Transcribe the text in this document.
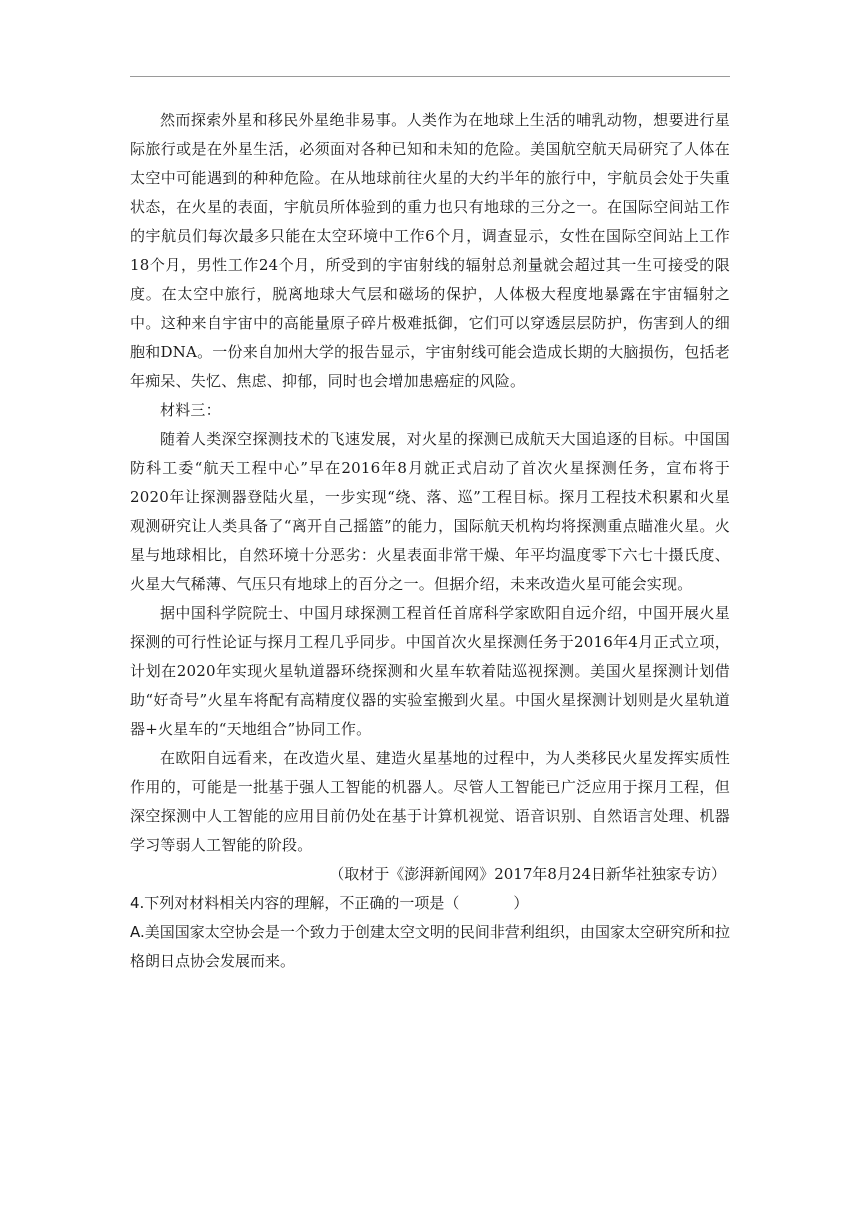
然而探索外星和移民外星绝非易事。人类作为在地球上生活的哺乳动物，想要进行星际旅行或是在外星生活，必须面对各种已知和未知的危险。美国航空航天局研究了人体在太空中可能遇到的种种危险。在从地球前往火星的大约半年的旅行中，宇航员会处于失重状态，在火星的表面，宇航员所体验到的重力也只有地球的三分之一。在国际空间站工作的宇航员们每次最多只能在太空环境中工作6个月，调查显示，女性在国际空间站上工作18个月，男性工作24个月，所受到的宇宙射线的辐射总剂量就会超过其一生可接受的限度。在太空中旅行，脱离地球大气层和磁场的保护，人体极大程度地暴露在宇宙辐射之中。这种来自宇宙中的高能量原子碎片极难抵御，它们可以穿透层层防护，伤害到人的细胞和DNA。一份来自加州大学的报告显示，宇宙射线可能会造成长期的大脑损伤，包括老年痴呆、失忆、焦虑、抑郁，同时也会增加患癌症的风险。

材料三：

随着人类深空探测技术的飞速发展，对火星的探测已成航天大国追逐的目标。中国国防科工委“航天工程中心”早在2016年8月就正式启动了首次火星探测任务，宣布将于2020年让探测器登陆火星，一步实现“绕、落、巡”工程目标。探月工程技术积累和火星观测研究让人类具备了“离开自己摇篮”的能力，国际航天机构均将探测重点瞄准火星。火星与地球相比，自然环境十分恶劣：火星表面非常干燥、年平均温度零下六七十摄氏度、火星大气稀薄、气压只有地球上的百分之一。但据介绍，未来改造火星可能会实现。

据中国科学院院士、中国月球探测工程首任首席科学家欧阳自远介绍，中国开展火星探测的可行性论证与探月工程几乎同步。中国首次火星探测任务于2016年4月正式立项，计划在2020年实现火星轨道器环绕探测和火星车软着陆巡视探测。美国火星探测计划借助“好奇号”火星车将配有高精度仪器的实验室搬到火星。中国火星探测计划则是火星轨道器+火星车的“天地组合”协同工作。

在欧阳自远看来，在改造火星、建造火星基地的过程中，为人类移民火星发挥实质性作用的，可能是一批基于强人工智能的机器人。尽管人工智能已广泛应用于探月工程，但深空探测中人工智能的应用目前仍处在基于计算机视觉、语音识别、自然语言处理、机器学习等弱人工智能的阶段。

（取材于《澎湃新闻网》2017年8月24日新华社独家专访）

4.下列对材料相关内容的理解，不正确的一项是（	）

A.美国国家太空协会是一个致力于创建太空文明的民间非营利组织，由国家太空研究所和拉格朗日点协会发展而来。
